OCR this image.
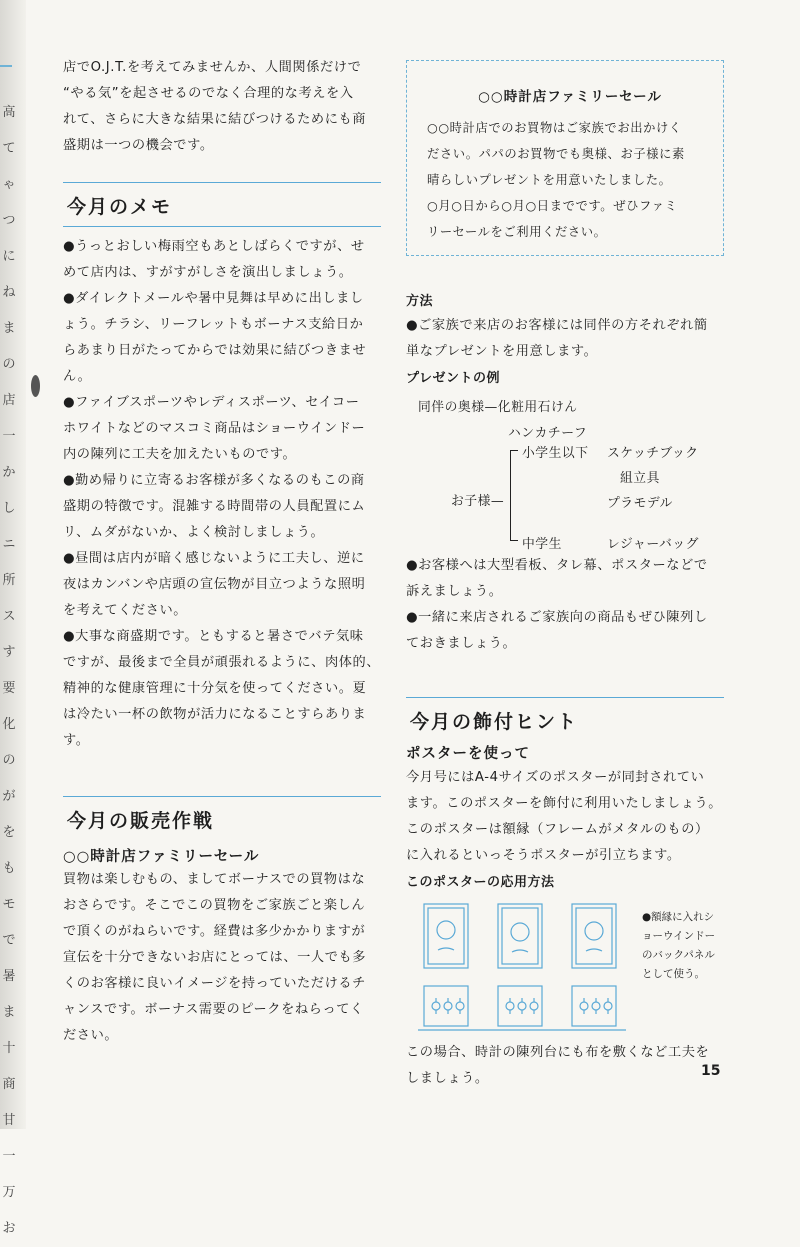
高
て
ゃ
つ
に
ね
ま
の
店
一
か
し
ニ
所
ス
す
要
化
の
が
を
も
モ
で
暑
ま
十
商
甘
一
万
お

店でO.J.T.を考えてみませんか、人間関係だけで

“やる気”を起させるのでなく合理的な考えを入

れて、さらに大きな結果に結びつけるためにも商

盛期は一つの機会です。

今月のメモ

●うっとおしい梅雨空もあとしばらくですが、せ

めて店内は、すがすがしさを演出しましょう。

●ダイレクトメールや暑中見舞は早めに出しまし

ょう。チラシ、リーフレットもボーナス支給日か

らあまり日がたってからでは効果に結びつきませ

ん。

●ファイブスポーツやレディスポーツ、セイコー

ホワイトなどのマスコミ商品はショーウインドー

内の陳列に工夫を加えたいものです。

●勤め帰りに立寄るお客様が多くなるのもこの商

盛期の特徴です。混雑する時間帯の人員配置にム

リ、ムダがないか、よく検討しましょう。

●昼間は店内が暗く感じないように工夫し、逆に

夜はカンバンや店頭の宣伝物が目立つような照明

を考えてください。

●大事な商盛期です。ともすると暑さでバテ気味

ですが、最後まで全員が頑張れるように、肉体的、

精神的な健康管理に十分気を使ってください。夏

は冷たい一杯の飲物が活力になることすらありま

す。

今月の販売作戦

○○時計店ファミリーセール

買物は楽しむもの、ましてボーナスでの買物はな

おさらです。そこでこの買物をご家族ごと楽しん

で頂くのがねらいです。経費は多少かかりますが

宣伝を十分できないお店にとっては、一人でも多

くのお客様に良いイメージを持っていただけるチ

ャンスです。ボーナス需要のピークをねらってく

ださい。

○○時計店ファミリーセール

○○時計店でのお買物はご家族でお出かけく

ださい。パパのお買物でも奥様、お子様に素

晴らしいプレゼントを用意いたしました。

○月○日から○月○日までです。ぜひファミ

リーセールをご利用ください。

方法

●ご家族で来店のお客様には同伴の方それぞれ簡

単なプレゼントを用意します。

プレゼントの例

同伴の奥様—化粧用石けん
ハンカチーフ
お子様—
小学生以下 スケッチブック
組立具
プラモデル
中学生	レジャーバッグ

●お客様へは大型看板、タレ幕、ポスターなどで

訴えましょう。

●一緒に来店されるご家族向の商品もぜひ陳列し

ておきましょう。

今月の飾付ヒント

ポスターを使って

今月号にはA-4サイズのポスターが同封されてい

ます。このポスターを飾付に利用いたしましょう。

このポスターは額縁（フレームがメタルのもの）

に入れるといっそうポスターが引立ちます。

このポスターの応用方法

●額縁に入れシ
ョーウインドー
のバックパネル
として使う。

この場合、時計の陳列台にも布を敷くなど工夫を

しましょう。	15
